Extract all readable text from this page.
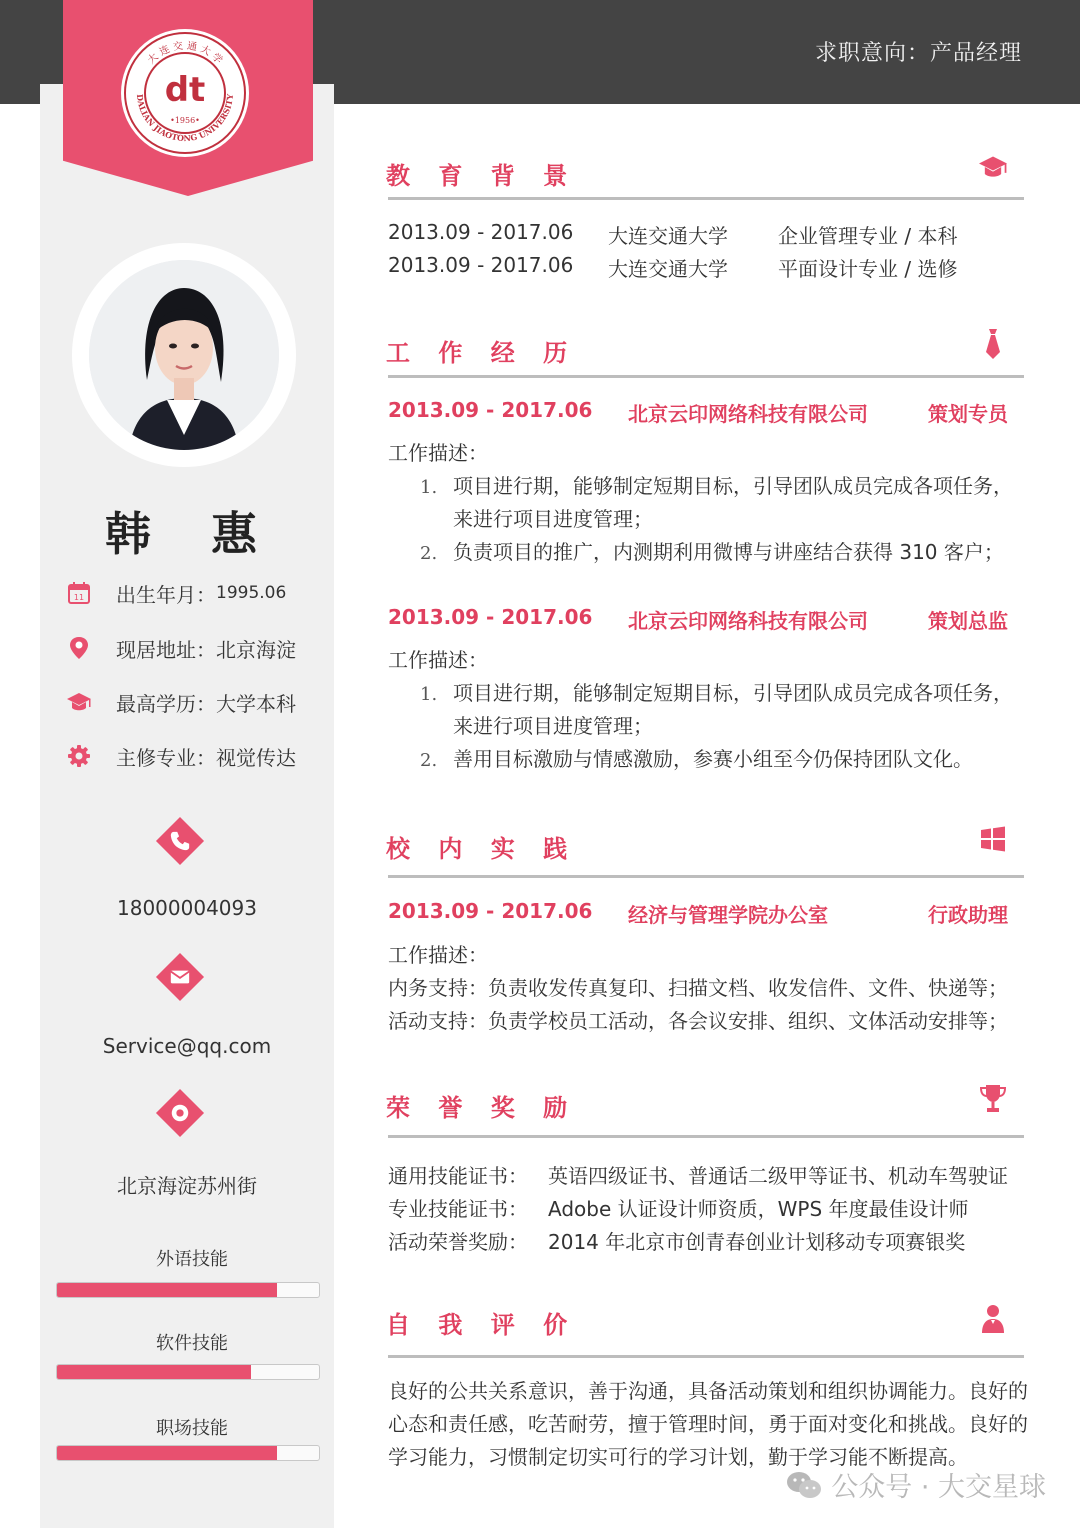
求职意向：产品经理
大 连 交 通 大 学
DALIAN JIAOTONG UNIVERSITY
dt
•1956•
韩 惠
11 出生年月： 1995.06
现居地址： 北京海淀
最高学历： 大学本科
主修专业： 视觉传达
18000004093
Service@qq.com
北京海淀苏州街
外语技能
软件技能
职场技能
教 育 背 景
2013.09 - 2017.06 大连交通大学	企业管理专业 / 本科
2013.09 - 2017.06 大连交通大学	平面设计专业 / 选修
工 作 经 历
2013.09 - 2017.06 北京云印网络科技有限公司	策划专员
工作描述：
1. 项目进行期，能够制定短期目标，引导团队成员完成各项任务，来进行项目进度管理；
2. 负责项目的推广，内测期利用微博与讲座结合获得 310 客户；
2013.09 - 2017.06 北京云印网络科技有限公司	策划总监
工作描述：
1. 项目进行期，能够制定短期目标，引导团队成员完成各项任务，来进行项目进度管理；
2. 善用目标激励与情感激励，参赛小组至今仍保持团队文化。
校 内 实 践
2013.09 - 2017.06 经济与管理学院办公室	行政助理
工作描述：
内务支持：负责收发传真复印、扫描文档、收发信件、文件、快递等；
活动支持：负责学校员工活动，各会议安排、组织、文体活动安排等；
荣 誉 奖 励
通用技能证书： 英语四级证书、普通话二级甲等证书、机动车驾驶证
专业技能证书： Adobe 认证设计师资质，WPS 年度最佳设计师
活动荣誉奖励： 2014 年北京市创青春创业计划移动专项赛银奖
自 我 评 价
良好的公共关系意识，善于沟通，具备活动策划和组织协调能力。良好的心态和责任感，吃苦耐劳，擅于管理时间，勇于面对变化和挑战。良好的学习能力，习惯制定切实可行的学习计划，勤于学习能不断提高。
公众号 · 大交星球
